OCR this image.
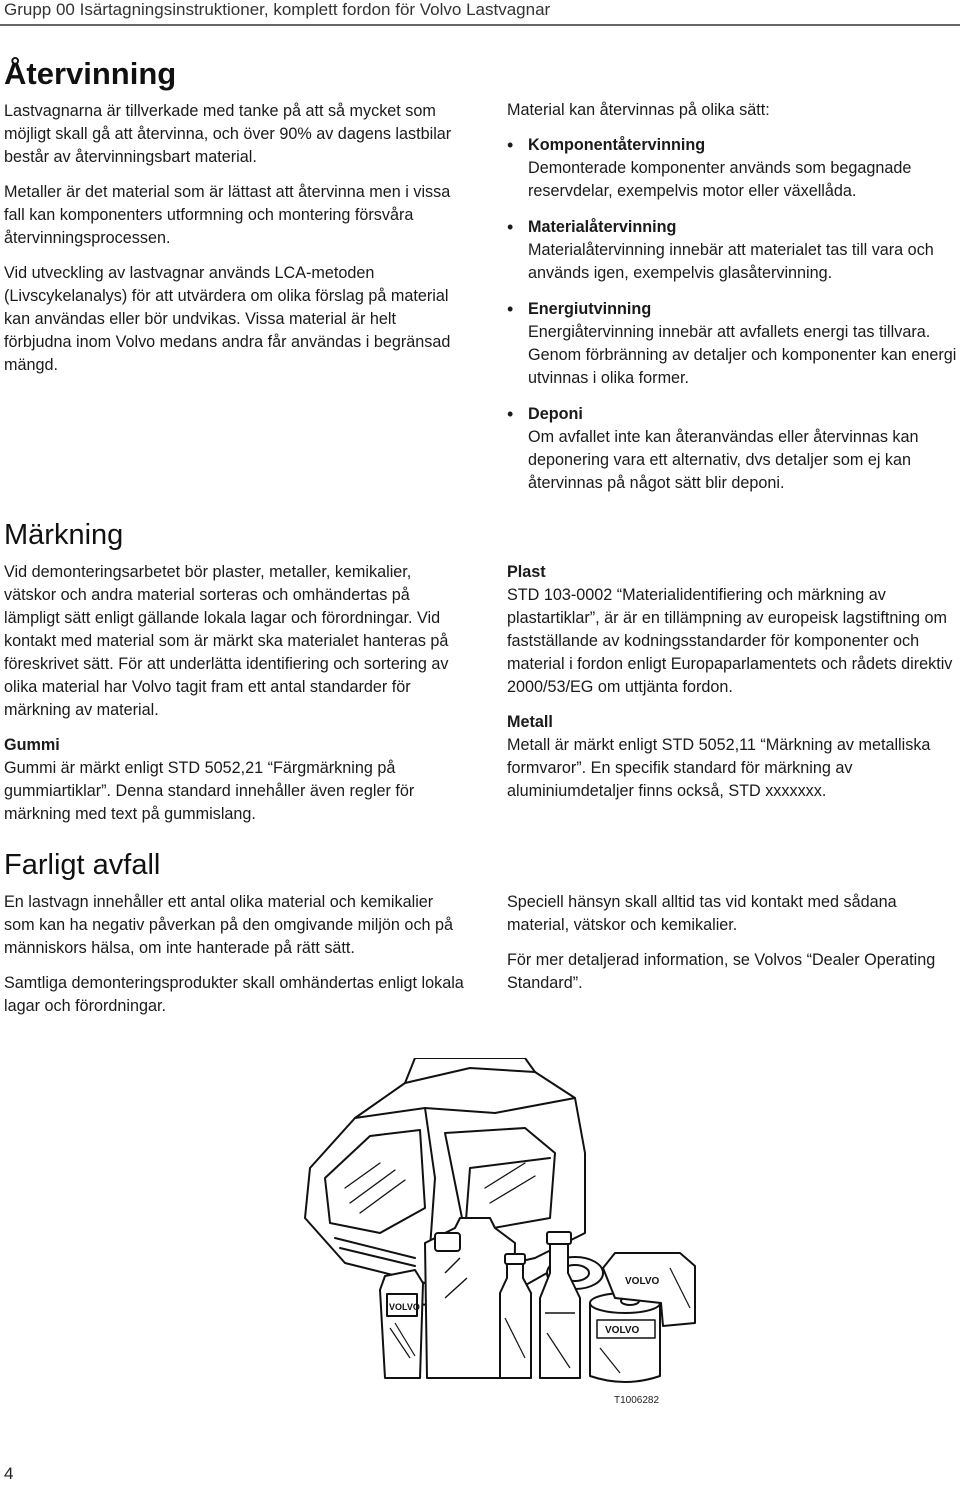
Grupp 00 Isärtagningsinstruktioner, komplett fordon för Volvo Lastvagnar
Återvinning

Lastvagnarna är tillverkade med tanke på att så mycket som möjligt skall gå att återvinna, och över 90% av dagens lastbilar består av återvinningsbart material.

Metaller är det material som är lättast att återvinna men i vissa fall kan komponenters utformning och montering försvåra återvinningsprocessen.

Vid utveckling av lastvagnar används LCA-metoden (Livscykelanalys) för att utvärdera om olika förslag på material kan användas eller bör undvikas. Vissa material är helt förbjudna inom Volvo medans andra får användas i begränsad mängd.

Material kan återvinnas på olika sätt:

• Komponentåtervinning
Demonterade komponenter används som begagnade reservdelar, exempelvis motor eller växellåda.
• Materialåtervinning
Materialåtervinning innebär att materialet tas till vara och används igen, exempelvis glasåtervinning.
• Energiutvinning
Energiåtervinning innebär att avfallets energi tas tillvara. Genom förbränning av detaljer och komponenter kan energi utvinnas i olika former.
• Deponi
Om avfallet inte kan återanvändas eller återvinnas kan deponering vara ett alternativ, dvs detaljer som ej kan återvinnas på något sätt blir deponi.
Märkning

Vid demonteringsarbetet bör plaster, metaller, kemikalier, vätskor och andra material sorteras och omhändertas på lämpligt sätt enligt gällande lokala lagar och förordningar. Vid kontakt med material som är märkt ska materialet hanteras på föreskrivet sätt. För att underlätta identifiering och sortering av olika material har Volvo tagit fram ett antal standarder för märkning av material.

Gummi

Gummi är märkt enligt STD 5052,21 “Färgmärkning på gummiartiklar”. Denna standard innehåller även regler för märkning med text på gummislang.

Plast

STD 103-0002 “Materialidentifiering och märkning av plastartiklar”, är är en tillämpning av europeisk lagstiftning om fastställande av kodningsstandarder för komponenter och material i fordon enligt Europaparlamentets och rådets direktiv 2000/53/EG om uttjänta fordon.

Metall

Metall är märkt enligt STD 5052,11 “Märkning av metalliska formvaror”. En specifik standard för märkning av aluminiumdetaljer finns också, STD xxxxxxx.

Farligt avfall

En lastvagn innehåller ett antal olika material och kemikalier som kan ha negativ påverkan på den omgivande miljön och på människors hälsa, om inte hanterade på rätt sätt.

Samtliga demonteringsprodukter skall omhändertas enligt lokala lagar och förordningar.

Speciell hänsyn skall alltid tas vid kontakt med sådana material, vätskor och kemikalier.

För mer detaljerad information, se Volvos “Dealer Operating Standard”.

VOLVO
VOLVO
VOLVO
T1006282
4
